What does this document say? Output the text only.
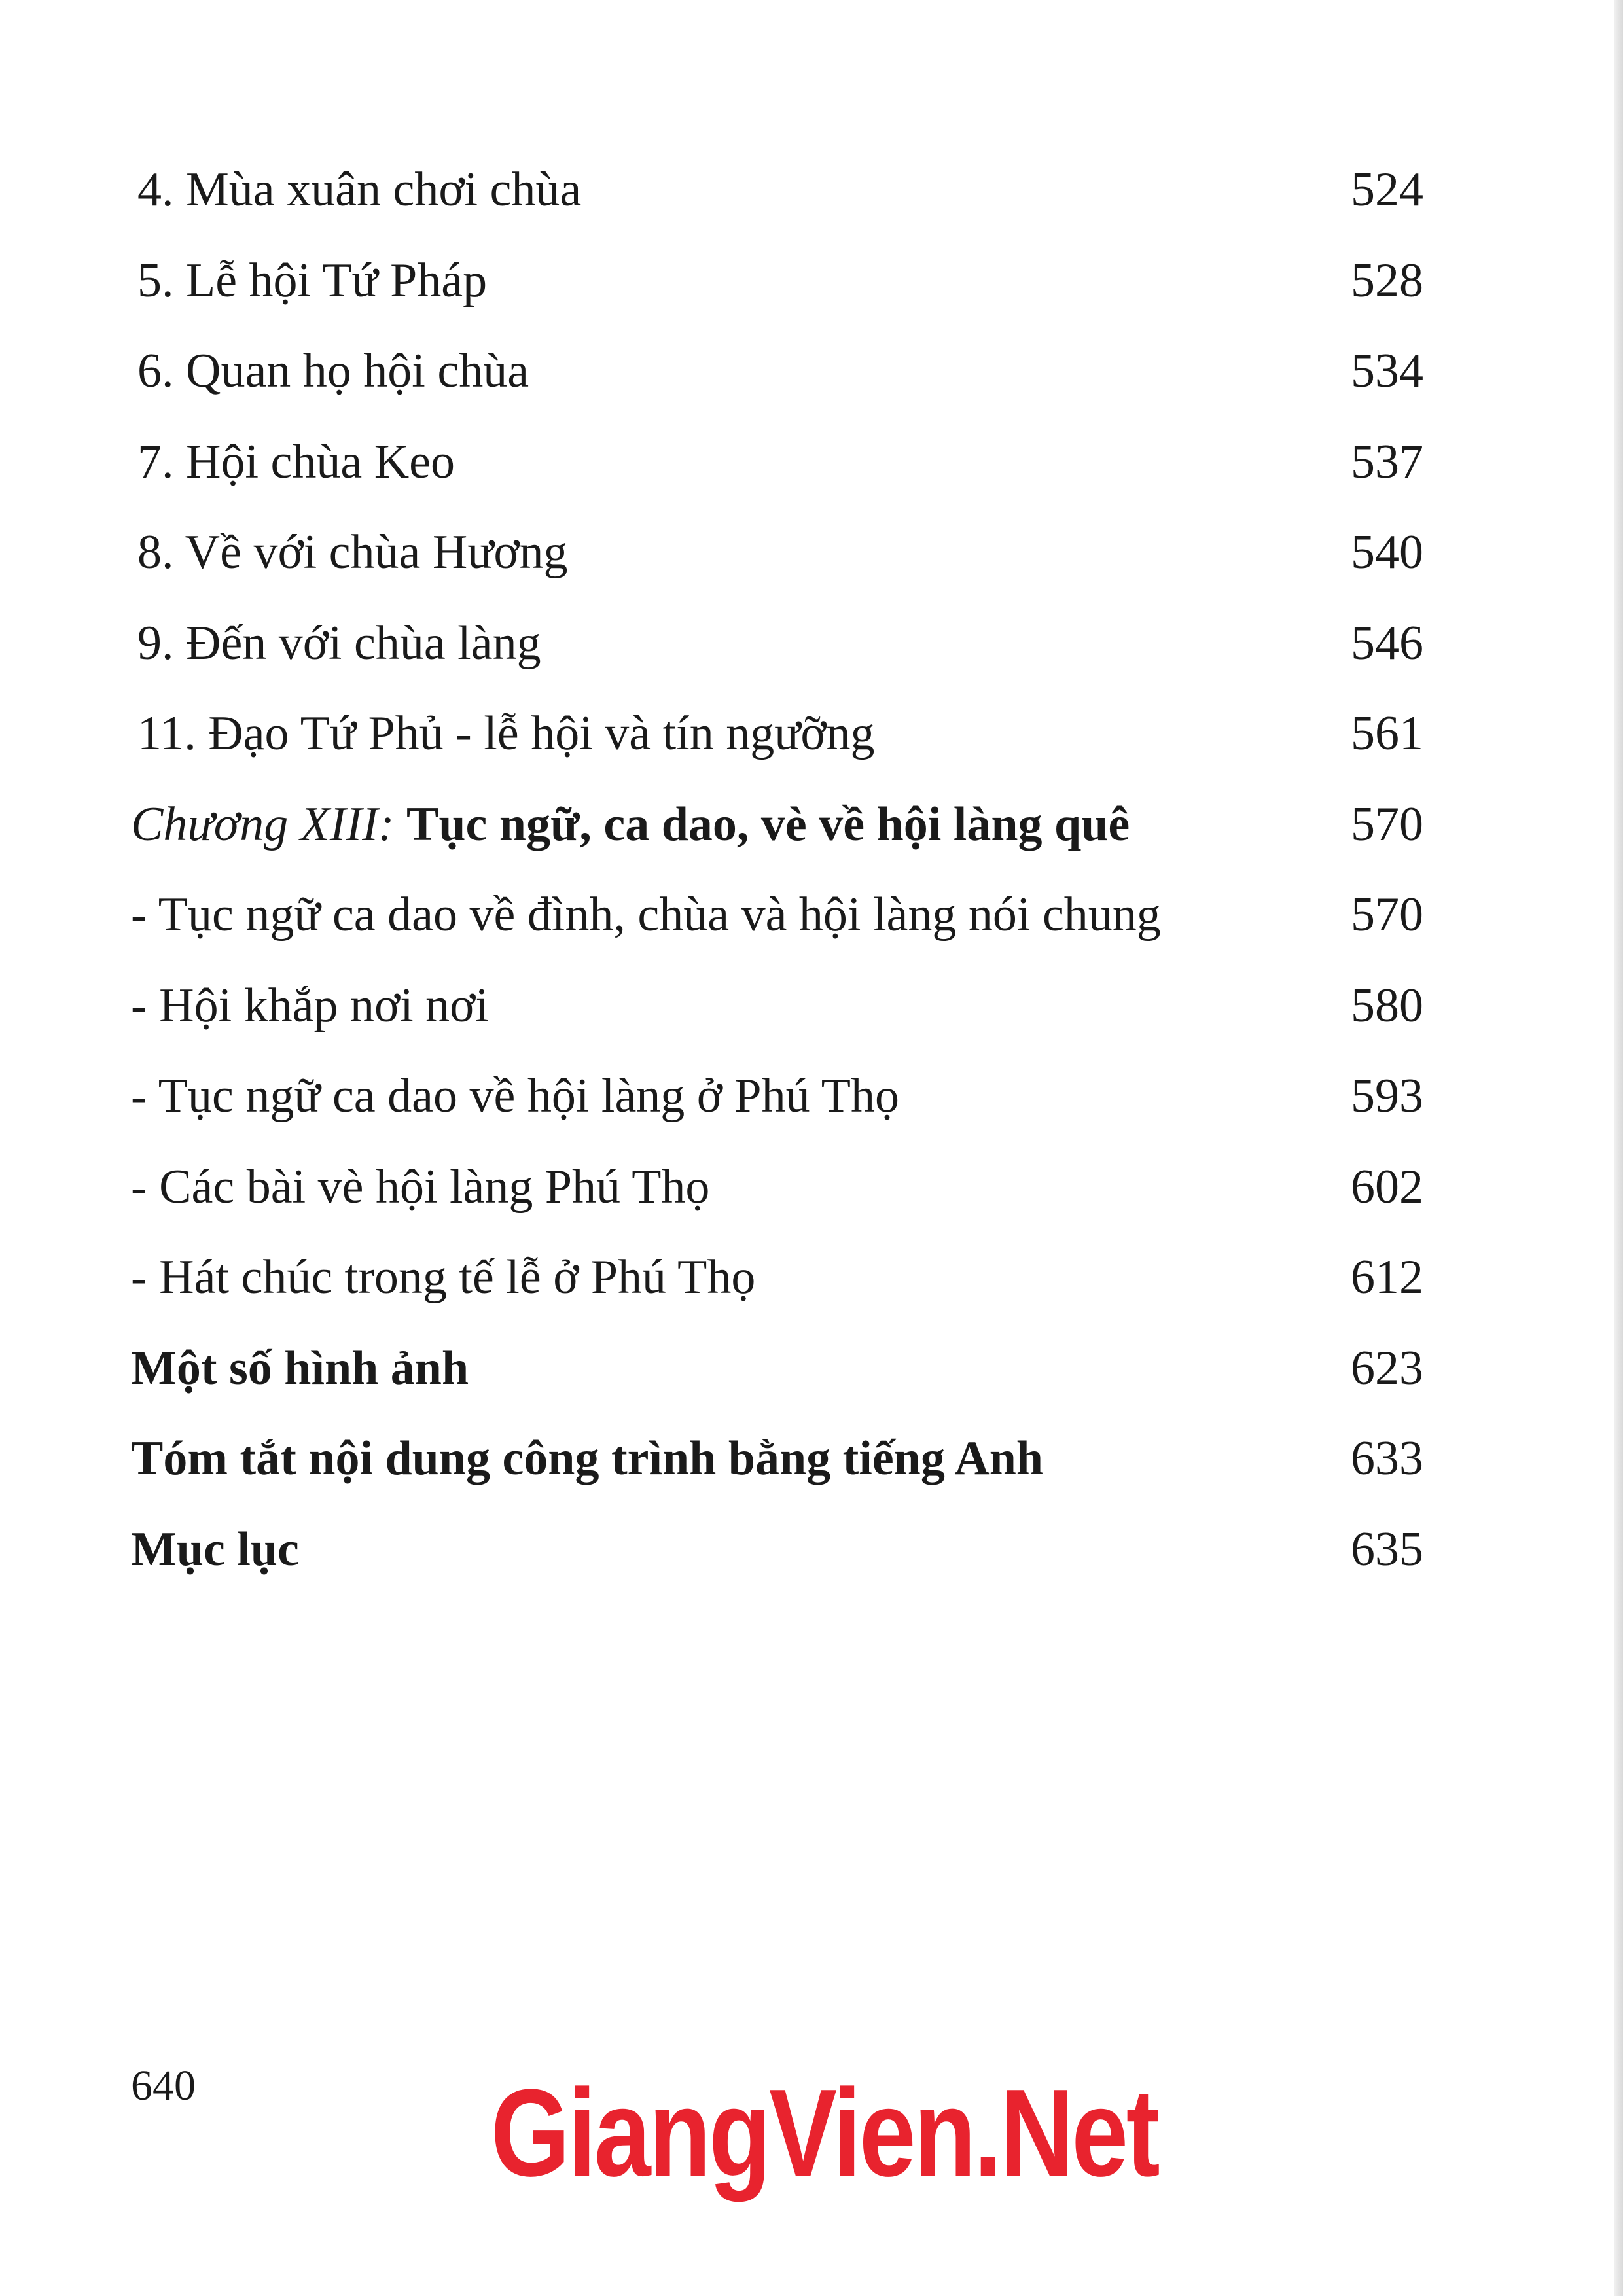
4. Mùa xuân chơi chùa	524
5. Lễ hội Tứ Pháp	528
6. Quan họ hội chùa	534
7. Hội chùa Keo	537
8. Về với chùa Hương	540
9. Đến với chùa làng	546
11. Đạo Tứ Phủ - lễ hội và tín ngưỡng	561
Chương XIII: Tục ngữ, ca dao, vè về hội làng quê	570
- Tục ngữ ca dao về đình, chùa và hội làng nói chung	570
- Hội khắp nơi nơi	580
- Tục ngữ ca dao về hội làng ở Phú Thọ	593
- Các bài vè hội làng Phú Thọ	602
- Hát chúc trong tế lễ ở Phú Thọ	612
Một số hình ảnh	623
Tóm tắt nội dung công trình bằng tiếng Anh	633
Mục lục	635
640 GiangVien.Net
